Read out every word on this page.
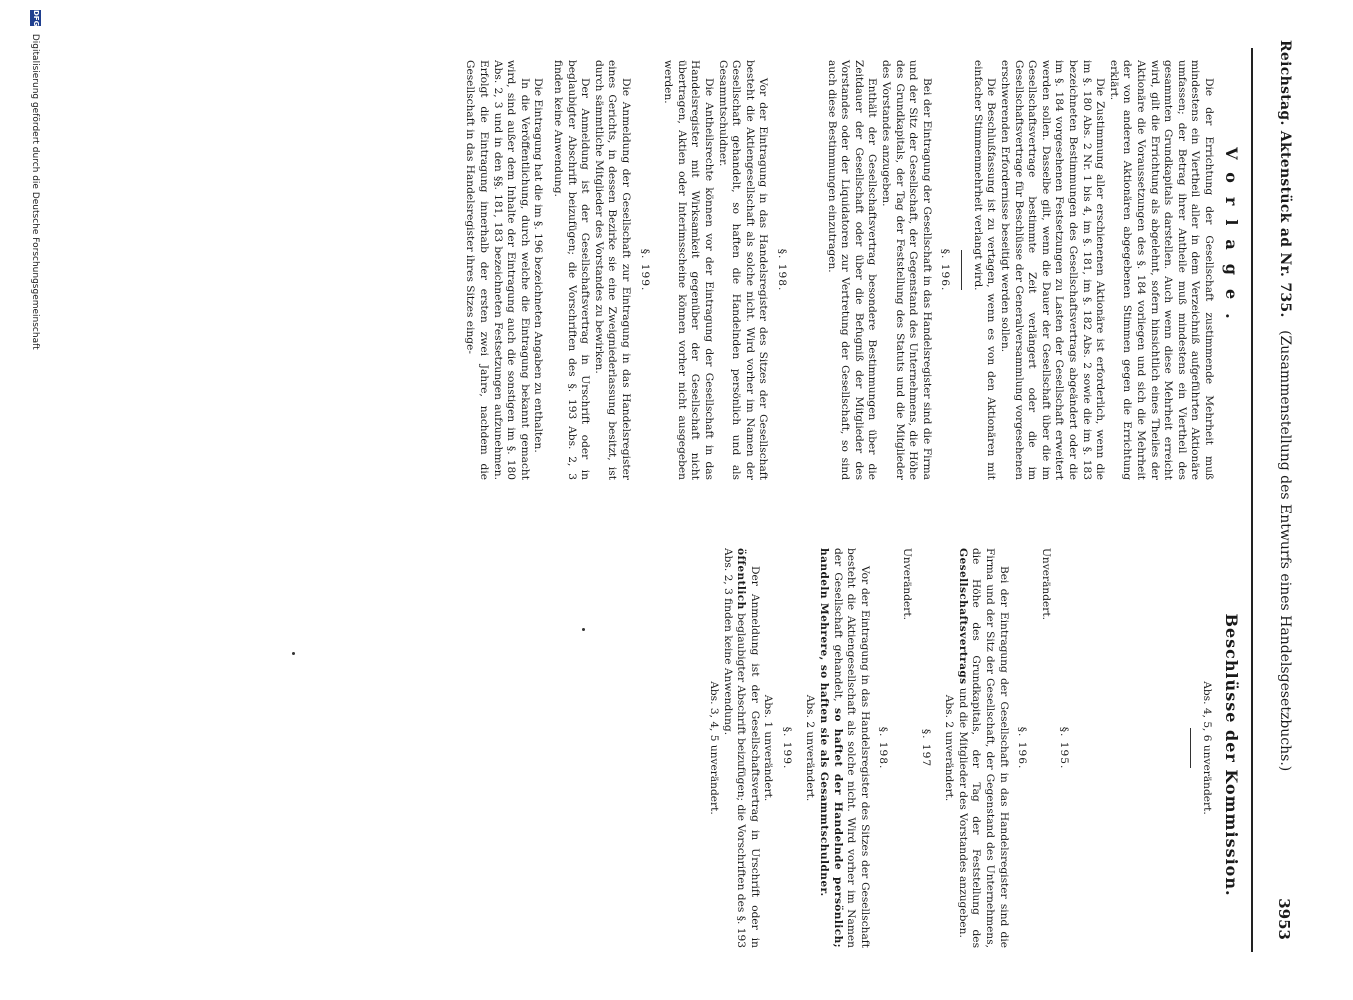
Reichstag. Aktenstück ad Nr. 735. (Zusammenstellung des Entwurfs eines Handelsgesetzbuchs.)
3953
Vorlage.
Beschlüsse der Kommission.

Die der Errichtung der Gesellschaft zustimmende Mehrheit muß mindestens ein Viertheil aller in dem Verzeichniß aufgeführten Aktionäre umfassen; der Betrag ihrer Antheile muß mindestens ein Viertheil des gesammten Grundkapitals darstellen. Auch wenn diese Mehrheit erreicht wird, gilt die Errichtung als abgelehnt, sofern hinsichtlich eines Theiles der Aktionäre die Voraussetzungen des §. 184 vorliegen und sich die Mehrheit der von anderen Aktionären abgegebenen Stimmen gegen die Errichtung erklärt.

Die Zustimmung aller erschienenen Aktionäre ist erforderlich, wenn die im §. 180 Abs. 2 Nr. 1 bis 4, im §. 181, im §. 182 Abs. 2 sowie die im §. 183 bezeichneten Bestimmungen des Gesellschaftsvertrags abgeändert oder die im §. 184 vorgesehenen Festsetzungen zu Lasten der Gesellschaft erweitert werden sollen. Dasselbe gilt, wenn die Dauer der Gesellschaft über die im Gesellschaftsvertrage bestimmte Zeit verlängert oder die im Gesellschaftsvertrage für Beschlüsse der Generalversammlung vorgesehenen erschwerenden Erfordernisse beseitigt werden sollen.

Die Beschlußfassung ist zu vertagen, wenn es von den Aktionären mit einfacher Stimmenmehrheit verlangt wird.

§. 196.

Bei der Eintragung der Gesellschaft in das Handelsregister sind die Firma und der Sitz der Gesellschaft, der Gegenstand des Unternehmens, die Höhe des Grundkapitals, der Tag der Feststellung des Statuts und die Mitglieder des Vorstandes anzugeben.

Enthält der Gesellschaftsvertrag besondere Bestimmungen über die Zeitdauer der Gesellschaft oder über die Befugniß der Mitglieder des Vorstandes oder der Liquidatoren zur Vertretung der Gesellschaft, so sind auch diese Bestimmungen einzutragen.

§. 198.

Vor der Eintragung in das Handelsregister des Sitzes der Gesellschaft besteht die Aktiengesellschaft als solche nicht. Wird vorher im Namen der Gesellschaft gehandelt, so haften die Handelnden persönlich und als Gesammtschuldner.

Die Antheilsrechte können vor der Eintragung der Gesellschaft in das Handelsregister mit Wirksamkeit gegenüber der Gesellschaft nicht übertragen, Aktien oder Interimsscheine können vorher nicht ausgegeben werden.

§. 199.

Die Anmeldung der Gesellschaft zur Eintragung in das Handelsregister eines Gerichts, in dessen Bezirke sie eine Zweigniederlassung besitzt, ist durch sämmtliche Mitglieder des Vorstandes zu bewirken.

Der Anmeldung ist der Gesellschaftsvertrag in Urschrift oder in beglaubigter Abschrift beizufügen; die Vorschriften des §. 193 Abs. 2, 3 finden keine Anwendung.

Die Eintragung hat die im §. 196 bezeichneten Angaben zu enthalten.

In die Veröffentlichung, durch welche die Eintragung bekannt gemacht wird, sind außer dem Inhalte der Eintragung auch die sonstigen im §. 180 Abs. 2, 3 und in den §§. 181, 183 bezeichneten Festsetzungen aufzunehmen. Erfolgt die Eintragung innerhalb der ersten zwei Jahre, nachdem die Gesellschaft in das Handelsregister ihres Sitzes einge-

Abs. 4, 5, 6 unverändert.

§. 195.

Unverändert.

§. 196.

Bei der Eintragung der Gesellschaft in das Handelsregister sind die Firma und der Sitz der Gesellschaft, der Gegenstand des Unternehmens, die Höhe des Grundkapitals, der Tag der Feststellung des Gesellschaftsvertrags und die Mitglieder des Vorstandes anzugeben.

Abs. 2 unverändert.

§. 197

Unverändert.

§. 198.

Vor der Eintragung in das Handelsregister des Sitzes der Gesellschaft besteht die Aktiengesellschaft als solche nicht. Wird vorher im Namen der Gesellschaft gehandelt, so haftet der Handelnde persönlich; handeln Mehrere, so haften sie als Gesammtschuldner.

Abs. 2 unverändert.

§. 199.

Abs. 1 unverändert.

Der Anmeldung ist der Gesellschaftsvertrag in Urschrift oder in öffentlich beglaubigter Abschrift beizufügen; die Vorschriften des §. 193 Abs. 2, 3 finden keine Anwendung.

Abs. 3, 4, 5 unverändert.

DFG Digitalisierung gefördert durch die Deutsche Forschungsgemeinschaft
